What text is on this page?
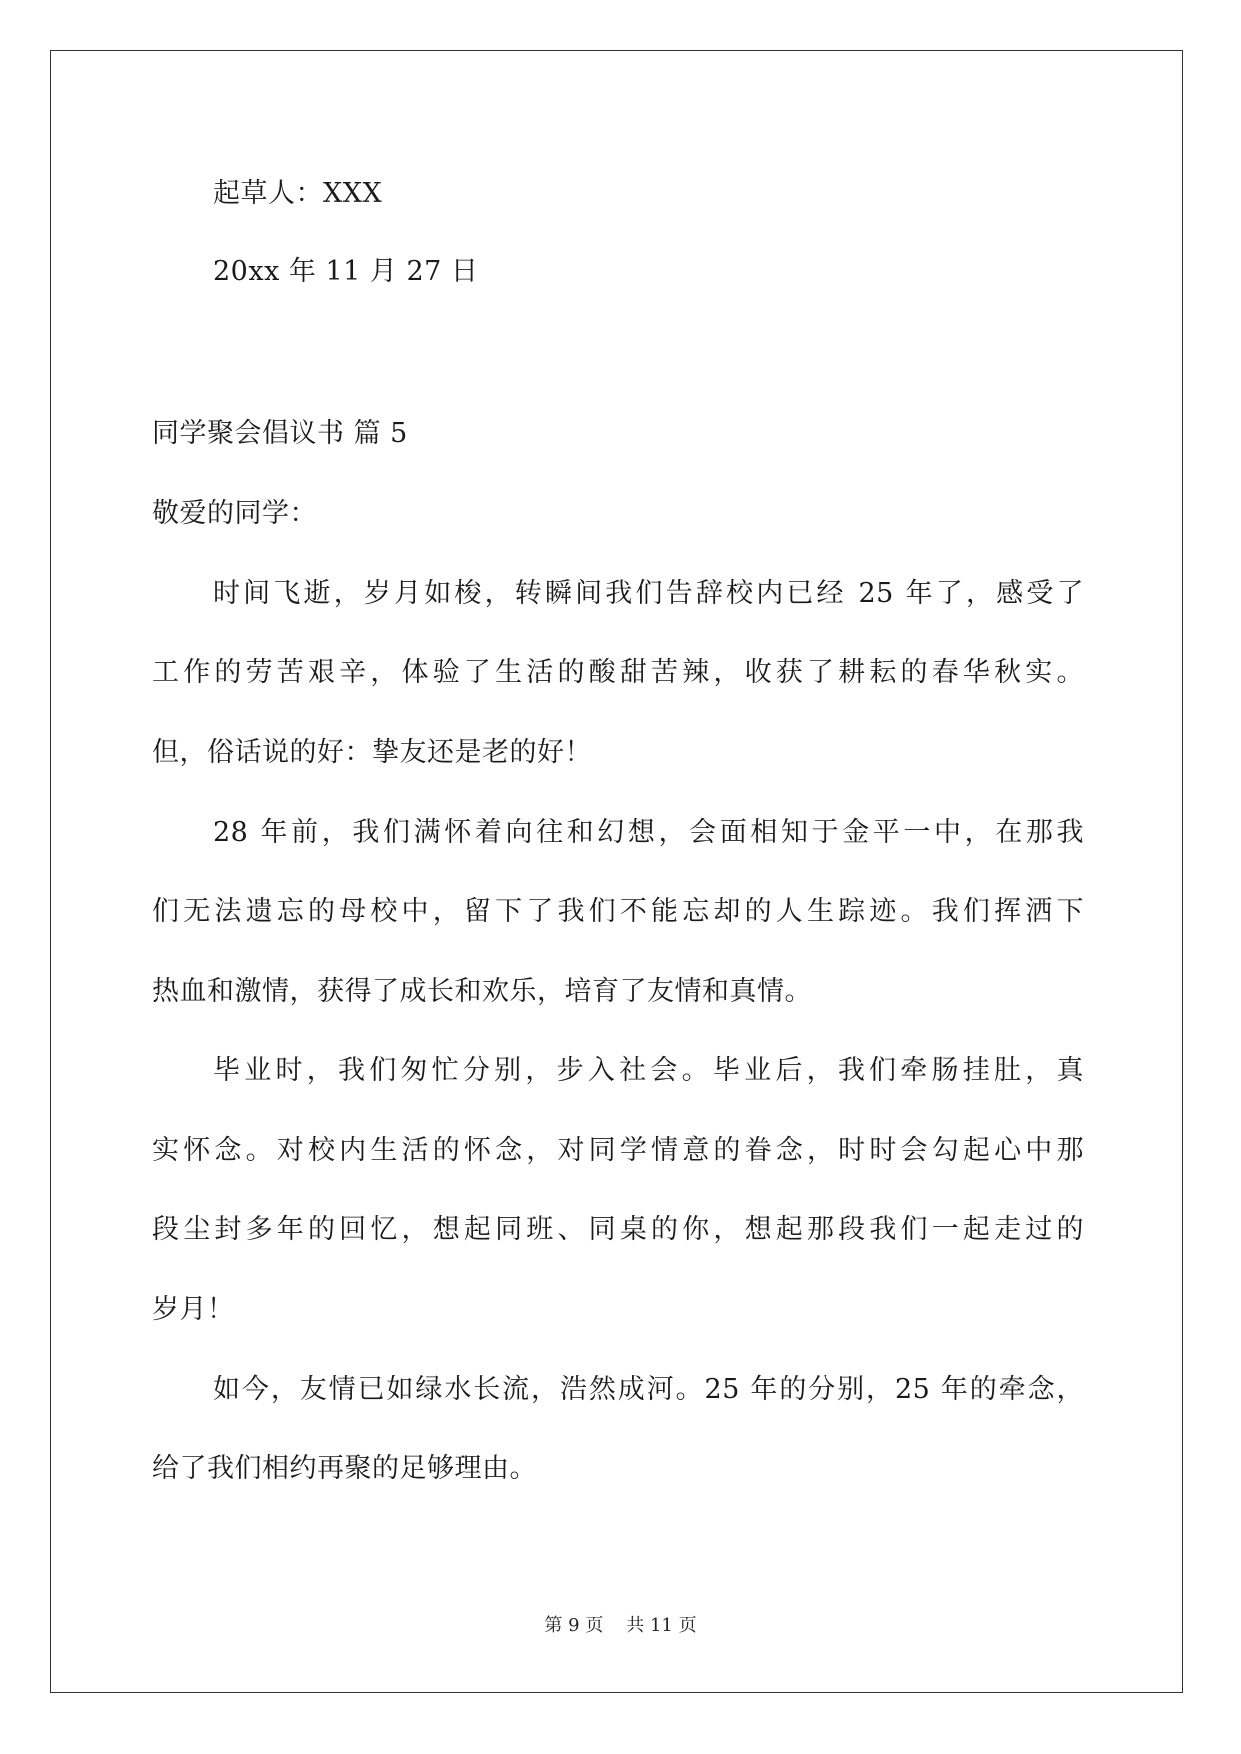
起草人：XXX
20xx 年 11 月 27 日
同学聚会倡议书 篇 5
敬爱的同学：
时间飞逝，岁月如梭，转瞬间我们告辞校内已经 25 年了，感受了
工作的劳苦艰辛，体验了生活的酸甜苦辣，收获了耕耘的春华秋实。
但，俗话说的好：挚友还是老的好！
28 年前，我们满怀着向往和幻想，会面相知于金平一中，在那我
们无法遗忘的母校中，留下了我们不能忘却的人生踪迹。我们挥洒下
热血和激情，获得了成长和欢乐，培育了友情和真情。
毕业时，我们匆忙分别，步入社会。毕业后，我们牵肠挂肚，真
实怀念。对校内生活的怀念，对同学情意的眷念，时时会勾起心中那
段尘封多年的回忆，想起同班、同桌的你，想起那段我们一起走过的
岁月！
如今，友情已如绿水长流，浩然成河。25 年的分别，25 年的牵念，
给了我们相约再聚的足够理由。
第 9 页 共 11 页
